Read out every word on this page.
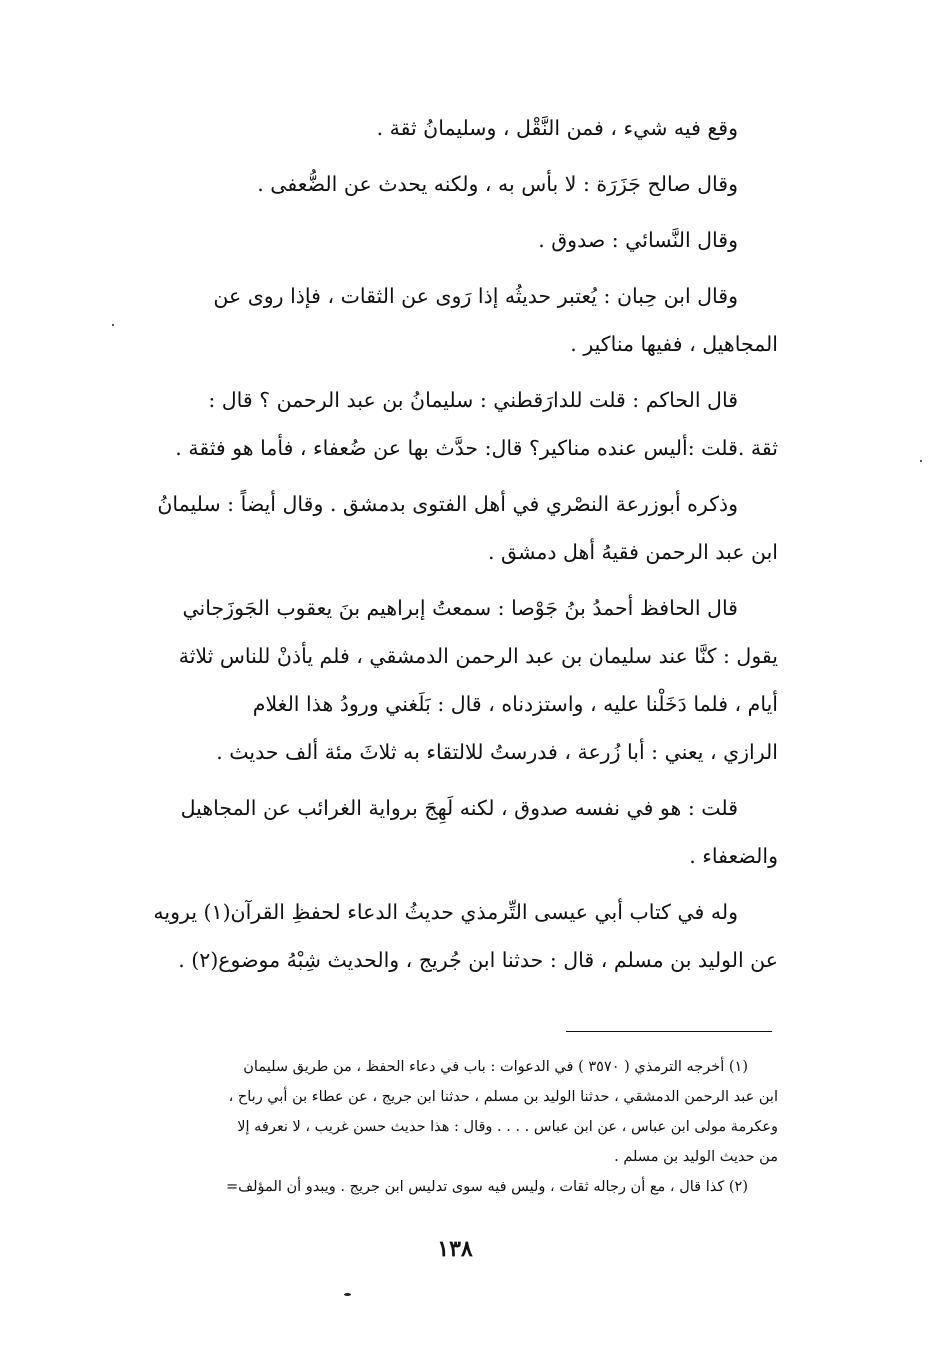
وقع فيه شيء ، فمن النَّقْل ، وسليمانُ ثقة .

وقال صالح جَزَرَة : لا بأس به ، ولكنه يحدث عن الضُّعفى .

وقال النَّسائي : صدوق .

وقال ابن حِبان : يُعتبر حديثُه إذا رَوى عن الثقات ، فإذا روى عن
المجاهيل ، ففيها مناكير .

قال الحاكم : قلت للدارَقطني : سليمانُ بن عبد الرحمن ؟ قال :
ثقة .قلت :أليس عنده مناكير؟ قال: حدَّث بها عن ضُعفاء ، فأما هو فثقة .

وذكره أبوزرعة النصْري في أهل الفتوى بدمشق . وقال أيضاً : سليمانُ
ابن عبد الرحمن فقيهُ أهل دمشق .

قال الحافظ أحمدُ بنُ جَوْصا : سمعتُ إبراهيم بنَ يعقوب الجَوزَجاني
يقول : كنَّا عند سليمان بن عبد الرحمن الدمشقي ، فلم يأذنْ للناس ثلاثة
أيام ، فلما دَخَلْنا عليه ، واستزدناه ، قال : بَلَغني ورودُ هذا الغلام
الرازي ، يعني : أبا زُرعة ، فدرستُ للالتقاء به ثلاثَ مئة ألف حديث .

قلت : هو في نفسه صدوق ، لكنه لَهِجَ برواية الغرائب عن المجاهيل
والضعفاء .

وله في كتاب أبي عيسى التِّرمذي حديثُ الدعاء لحفظِ القرآن(١) يرويه
عن الوليد بن مسلم ، قال : حدثنا ابن جُريج ، والحديث شِبْهُ موضوع(٢) .

(١) أخرجه الترمذي ( ٣٥٧٠ ) في الدعوات : باب في دعاء الحفظ ، من طريق سليمان
ابن عبد الرحمن الدمشقي ، حدثنا الوليد بن مسلم ، حدثنا ابن جريج ، عن عطاء بن أبي رباح ،
وعكرمة مولى ابن عباس ، عن ابن عباس . . . . وقال : هذا حديث حسن غريب ، لا نعرفه إلا
من حديث الوليد بن مسلم .
(٢) كذا قال ، مع أن رجاله ثقات ، وليس فيه سوى تدليس ابن جريج . ويبدو أن المؤلف=
١٣٨
